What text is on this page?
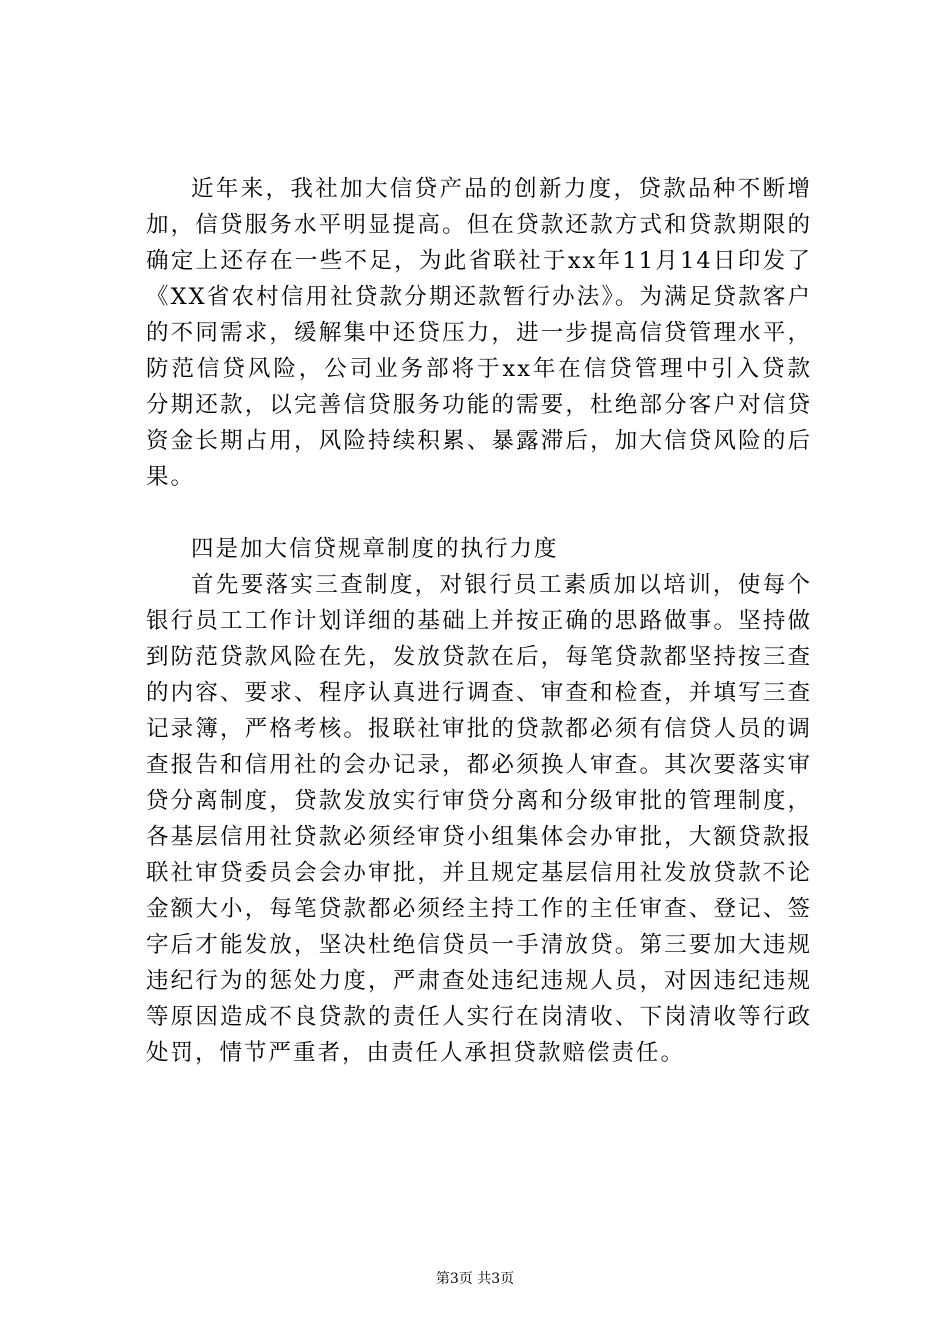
近年来，我社加大信贷产品的创新力度，贷款品种不断增加，信贷服务水平明显提高。但在贷款还款方式和贷款期限的确定上还存在一些不足，为此省联社于xx年11月14日印发了《XX省农村信用社贷款分期还款暂行办法》。为满足贷款客户的不同需求，缓解集中还贷压力，进一步提高信贷管理水平，防范信贷风险，公司业务部将于xx年在信贷管理中引入贷款分期还款，以完善信贷服务功能的需要，杜绝部分客户对信贷资金长期占用，风险持续积累、暴露滞后，加大信贷风险的后果。

四是加大信贷规章制度的执行力度

首先要落实三查制度，对银行员工素质加以培训，使每个银行员工工作计划详细的基础上并按正确的思路做事。坚持做到防范贷款风险在先，发放贷款在后，每笔贷款都坚持按三查的内容、要求、程序认真进行调查、审查和检查，并填写三查记录簿，严格考核。报联社审批的贷款都必须有信贷人员的调查报告和信用社的会办记录，都必须换人审查。其次要落实审贷分离制度，贷款发放实行审贷分离和分级审批的管理制度，各基层信用社贷款必须经审贷小组集体会办审批，大额贷款报联社审贷委员会会办审批，并且规定基层信用社发放贷款不论金额大小，每笔贷款都必须经主持工作的主任审查、登记、签字后才能发放，坚决杜绝信贷员一手清放贷。第三要加大违规违纪行为的惩处力度，严肃查处违纪违规人员，对因违纪违规等原因造成不良贷款的责任人实行在岗清收、下岗清收等行政处罚，情节严重者，由责任人承担贷款赔偿责任。

第3页 共3页
